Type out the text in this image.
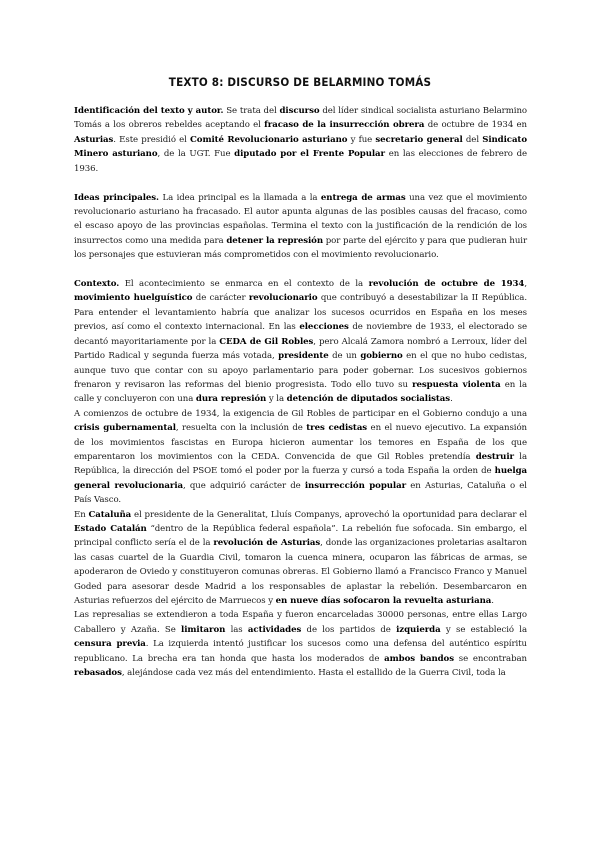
TEXTO 8: DISCURSO DE BELARMINO TOMÁS

Identificación del texto y autor. Se trata del discurso del líder sindical socialista asturiano Belarmino Tomás a los obreros rebeldes aceptando el fracaso de la insurrección obrera de octubre de 1934 en Asturias. Este presidió el Comité Revolucionario asturiano y fue secretario general del Sindicato Minero asturiano, de la UGT. Fue diputado por el Frente Popular en las elecciones de febrero de 1936.

Ideas principales. La idea principal es la llamada a la entrega de armas una vez que el movimiento revolucionario asturiano ha fracasado. El autor apunta algunas de las posibles causas del fracaso, como el escaso apoyo de las provincias españolas. Termina el texto con la justificación de la rendición de los insurrectos como una medida para detener la represión por parte del ejército y para que pudieran huir los personajes que estuvieran más comprometidos con el movimiento revolucionario.

Contexto. El acontecimiento se enmarca en el contexto de la revolución de octubre de 1934, movimiento huelguístico de carácter revolucionario que contribuyó a desestabilizar la II República. Para entender el levantamiento habría que analizar los sucesos ocurridos en España en los meses previos, así como el contexto internacional. En las elecciones de noviembre de 1933, el electorado se decantó mayoritariamente por la CEDA de Gil Robles, pero Alcalá Zamora nombró a Lerroux, líder del Partido Radical y segunda fuerza más votada, presidente de un gobierno en el que no hubo cedistas, aunque tuvo que contar con su apoyo parlamentario para poder gobernar. Los sucesivos gobiernos frenaron y revisaron las reformas del bienio progresista. Todo ello tuvo su respuesta violenta en la calle y concluyeron con una dura represión y la detención de diputados socialistas.

A comienzos de octubre de 1934, la exigencia de Gil Robles de participar en el Gobierno condujo a una crisis gubernamental, resuelta con la inclusión de tres cedistas en el nuevo ejecutivo. La expansión de los movimientos fascistas en Europa hicieron aumentar los temores en España de los que emparentaron los movimientos con la CEDA. Convencida de que Gil Robles pretendía destruir la República, la dirección del PSOE tomó el poder por la fuerza y cursó a toda España la orden de huelga general revolucionaria, que adquirió carácter de insurrección popular en Asturias, Cataluña o el País Vasco.

En Cataluña el presidente de la Generalitat, Lluís Companys, aprovechó la oportunidad para declarar el Estado Catalán “dentro de la República federal española”. La rebelión fue sofocada. Sin embargo, el principal conflicto sería el de la revolución de Asturias, donde las organizaciones proletarias asaltaron las casas cuartel de la Guardia Civil, tomaron la cuenca minera, ocuparon las fábricas de armas, se apoderaron de Oviedo y constituyeron comunas obreras. El Gobierno llamó a Francisco Franco y Manuel Goded para asesorar desde Madrid a los responsables de aplastar la rebelión. Desembarcaron en Asturias refuerzos del ejército de Marruecos y en nueve días sofocaron la revuelta asturiana.

Las represalias se extendieron a toda España y fueron encarceladas 30000 personas, entre ellas Largo Caballero y Azaña. Se limitaron las actividades de los partidos de izquierda y se estableció la censura previa. La izquierda intentó justificar los sucesos como una defensa del auténtico espíritu republicano. La brecha era tan honda que hasta los moderados de ambos bandos se encontraban rebasados, alejándose cada vez más del entendimiento. Hasta el estallido de la Guerra Civil, toda la
